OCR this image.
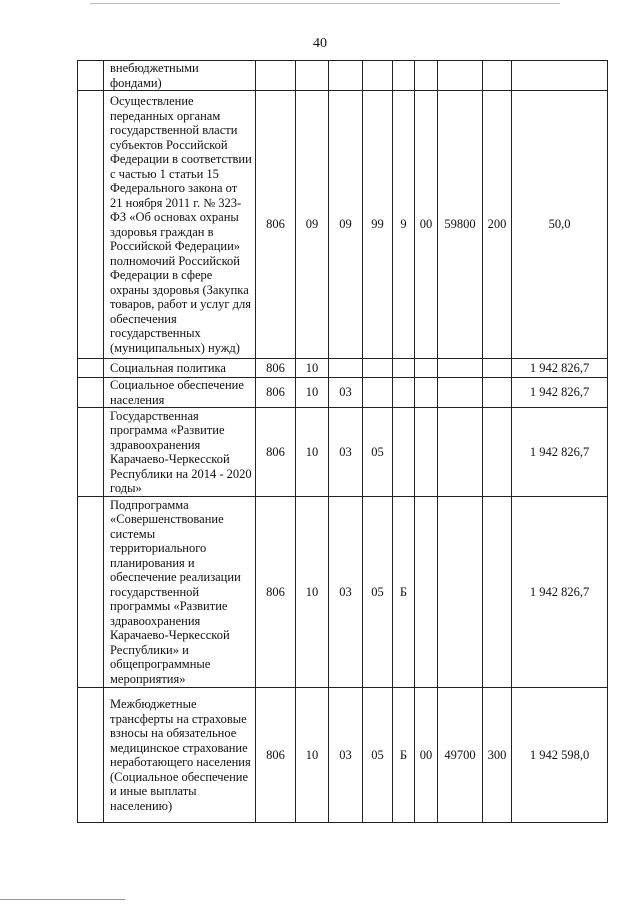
40
	внебюджетными фондами)									
	Осуществление переданных органам государственной власти субъектов Российской Федерации в соответствии с частью 1 статьи 15 Федерального закона от 21 ноября 2011 г. № 323-ФЗ «Об основах охраны здоровья граждан в Российской Федерации» полномочий Российской Федерации в сфере охраны здоровья (Закупка товаров, работ и услуг для обеспечения государственных (муниципальных) нужд)	806	09	09	99	9	00	59800	200	50,0
	Социальная политика	806	10							1 942 826,7
	Социальное обеспечение населения	806	10	03						1 942 826,7
	Государственная программа «Развитие здравоохранения Карачаево-Черкесской Республики на 2014 - 2020 годы»	806	10	03	05					1 942 826,7
	Подпрограмма «Совершенствование системы территориального планирования и обеспечение реализации государственной программы «Развитие здравоохранения Карачаево-Черкесской Республики» и общепрограммные мероприятия»	806	10	03	05	Б				1 942 826,7
	Межбюджетные трансферты на страховые взносы на обязательное медицинское страхование неработающего населения (Социальное обеспечение и иные выплаты населению)	806	10	03	05	Б	00	49700	300	1 942 598,0
